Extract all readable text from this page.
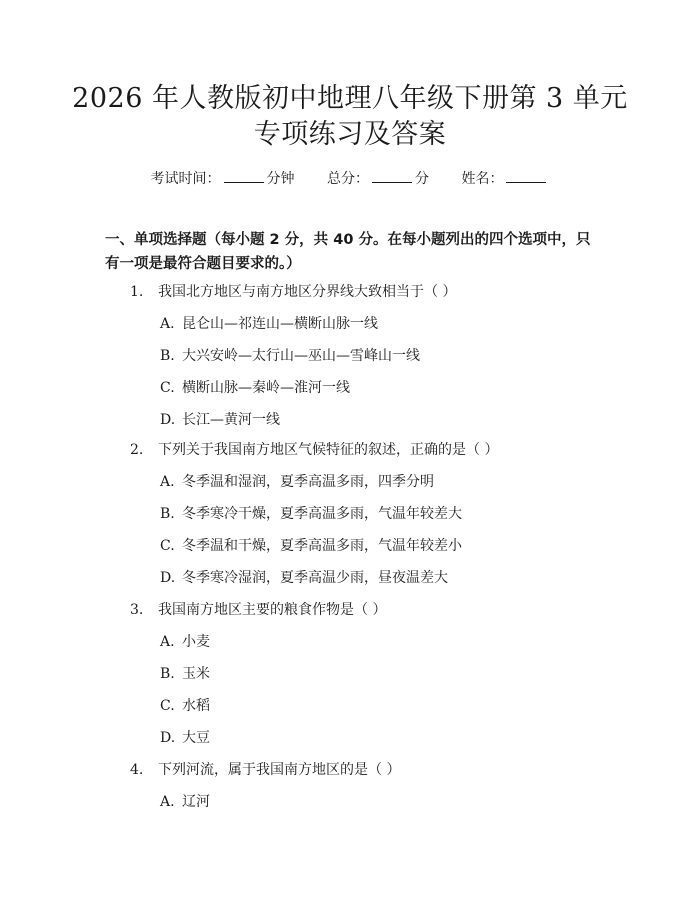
2026 年人教版初中地理八年级下册第 3 单元
专项练习及答案
考试时间：	分钟 总分：	分 姓名：
一、单项选择题（每小题 2 分，共 40 分。在每小题列出的四个选项中，只有一项是最符合题目要求的。）
1. 我国北方地区与南方地区分界线大致相当于（ ）
A. 昆仑山—祁连山—横断山脉一线
B. 大兴安岭—太行山—巫山—雪峰山一线
C. 横断山脉—秦岭—淮河一线
D. 长江—黄河一线
2. 下列关于我国南方地区气候特征的叙述，正确的是（ ）
A. 冬季温和湿润，夏季高温多雨，四季分明
B. 冬季寒冷干燥，夏季高温多雨，气温年较差大
C. 冬季温和干燥，夏季高温多雨，气温年较差小
D. 冬季寒冷湿润，夏季高温少雨，昼夜温差大
3. 我国南方地区主要的粮食作物是（ ）
A. 小麦
B. 玉米
C. 水稻
D. 大豆
4. 下列河流，属于我国南方地区的是（ ）
A. 辽河
